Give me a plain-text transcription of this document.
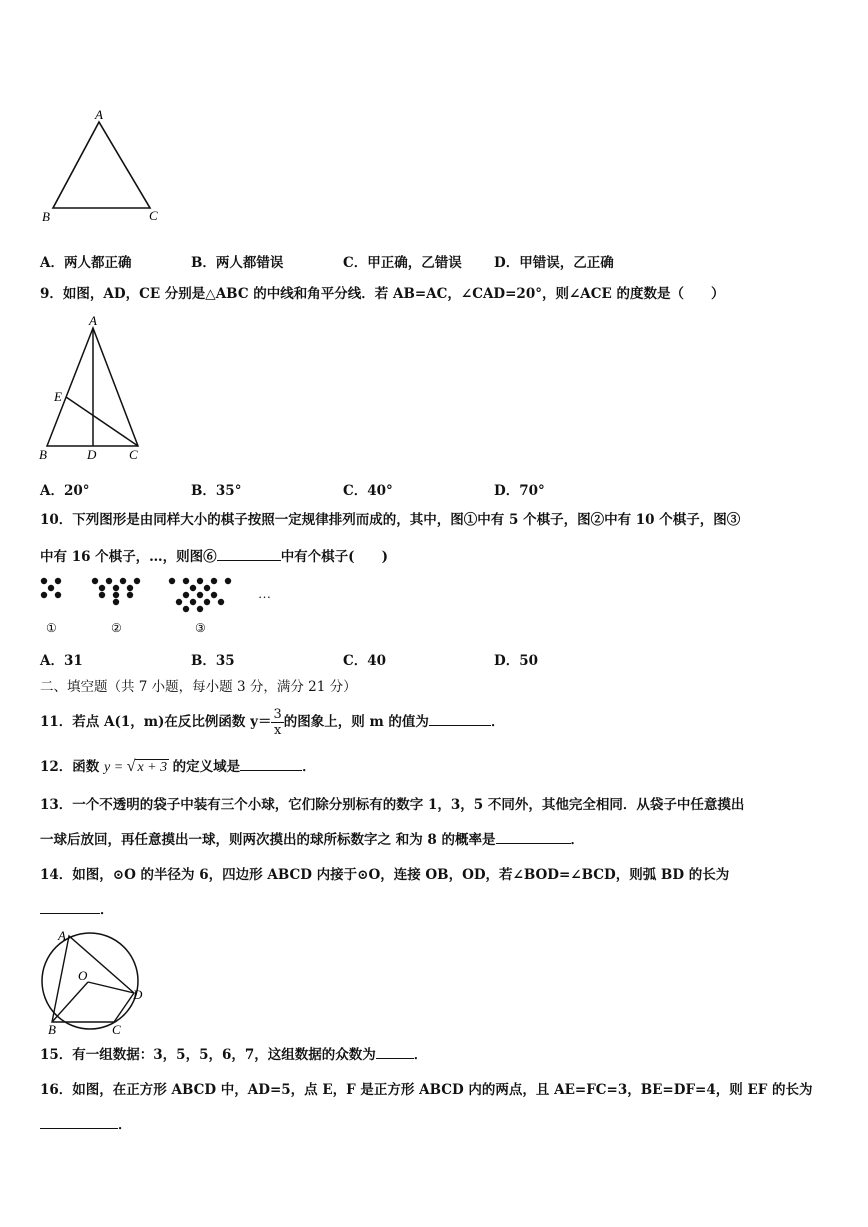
A
B	C
A．两人都正确	B．两人都错误	C．甲正确，乙错误 D．甲错误，乙正确
9．如图，AD，CE 分别是△ABC 的中线和角平分线．若 AB=AC，∠CAD=20°，则∠ACE 的度数是（　　）
A
E
B	D	C
A．20°	B．35°	C．40°	D．70°
10．下列图形是由同样大小的棋子按照一定规律排列而成的，其中，图①中有 5 个棋子，图②中有 10 个棋子，图③
中有 16 个棋子，…，则图⑥	中有个棋子(　　)
…
①	②	③
A．31	B．35	C．40	D．50
二、填空题（共 7 小题，每小题 3 分，满分 21 分）
11．若点 A(1，m)在反比例函数 $y= \frac{3}{x}$ 的图象上，则 m 的值为	．
12．函数 y = √ x + 3 的定义域是	．
13．一个不透明的袋子中装有三个小球，它们除分别标有的数字 1，3，5 不同外，其他完全相同．从袋子中任意摸出
一球后放回，再任意摸出一球，则两次摸出的球所标数字之 和为 8 的概率是	．
14．如图，⊙O 的半径为 6，四边形 ABCD 内接于⊙O，连接 OB，OD，若∠BOD=∠BCD，则弧 BD 的长为
．
A
O
D
B	C
15．有一组数据：3，5，5，6，7，这组数据的众数为	．
16．如图，在正方形 ABCD 中，AD=5，点 E，F 是正方形 ABCD 内的两点，且 AE=FC=3，BE=DF=4，则 EF 的长为
．
